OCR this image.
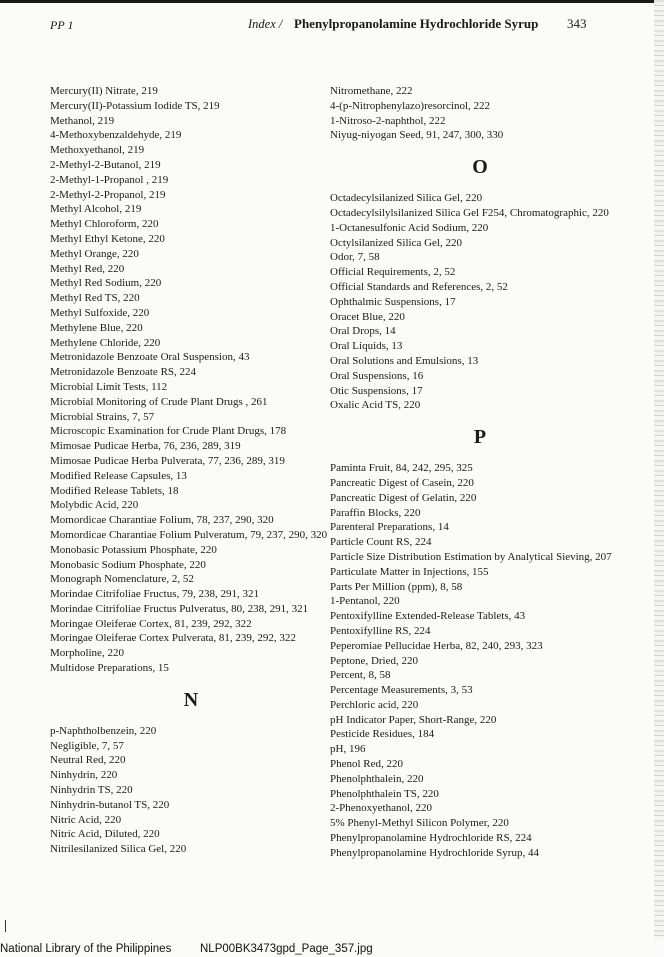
PP 1	Index / Phenylpropanolamine Hydrochloride Syrup 343
Mercury(II) Nitrate, 219
Mercury(II)-Potassium Iodide TS, 219
Methanol, 219
4-Methoxybenzaldehyde, 219
Methoxyethanol, 219
2-Methyl-2-Butanol, 219
2-Methyl-1-Propanol , 219
2-Methyl-2-Propanol, 219
Methyl Alcohol, 219
Methyl Chloroform, 220
Methyl Ethyl Ketone, 220
Methyl Orange, 220
Methyl Red, 220
Methyl Red Sodium, 220
Methyl Red TS, 220
Methyl Sulfoxide, 220
Methylene Blue, 220
Methylene Chloride, 220
Metronidazole Benzoate Oral Suspension, 43
Metronidazole Benzoate RS, 224
Microbial Limit Tests, 112
Microbial Monitoring of Crude Plant Drugs , 261
Microbial Strains, 7, 57
Microscopic Examination for Crude Plant Drugs, 178
Mimosae Pudicae Herba, 76, 236, 289, 319
Mimosae Pudicae Herba Pulverata, 77, 236, 289, 319
Modified Release Capsules, 13
Modified Release Tablets, 18
Molybdic Acid, 220
Momordicae Charantiae Folium, 78, 237, 290, 320
Momordicae Charantiae Folium Pulveratum, 79, 237, 290, 320
Monobasic Potassium Phosphate, 220
Monobasic Sodium Phosphate, 220
Monograph Nomenclature, 2, 52
Morindae Citrifoliae Fructus, 79, 238, 291, 321
Morindae Citrifoliae Fructus Pulveratus, 80, 238, 291, 321
Moringae Oleiferae Cortex, 81, 239, 292, 322
Moringae Oleiferae Cortex Pulverata, 81, 239, 292, 322
Morpholine, 220
Multidose Preparations, 15
N
p-Naphtholbenzein, 220
Negligible, 7, 57
Neutral Red, 220
Ninhydrin, 220
Ninhydrin TS, 220
Ninhydrin-butanol TS, 220
Nitric Acid, 220
Nitric Acid, Diluted, 220
Nitrilesilanized Silica Gel, 220
Nitromethane, 222
4-(p-Nitrophenylazo)resorcinol, 222
1-Nitroso-2-naphthol, 222
Niyug-niyogan Seed, 91, 247, 300, 330
O
Octadecylsilanized Silica Gel, 220
Octadecylsilylsilanized Silica Gel F254, Chromatographic, 220
1-Octanesulfonic Acid Sodium, 220
Octylsilanized Silica Gel, 220
Odor, 7, 58
Official Requirements, 2, 52
Official Standards and References, 2, 52
Ophthalmic Suspensions, 17
Oracet Blue, 220
Oral Drops, 14
Oral Liquids, 13
Oral Solutions and Emulsions, 13
Oral Suspensions, 16
Otic Suspensions, 17
Oxalic Acid TS, 220
P
Paminta Fruit, 84, 242, 295, 325
Pancreatic Digest of Casein, 220
Pancreatic Digest of Gelatin, 220
Paraffin Blocks, 220
Parenteral Preparations, 14
Particle Count RS, 224
Particle Size Distribution Estimation by Analytical Sieving, 207
Particulate Matter in Injections, 155
Parts Per Million (ppm), 8, 58
1-Pentanol, 220
Pentoxifylline Extended-Release Tablets, 43
Pentoxifylline RS, 224
Peperomiae Pellucidae Herba, 82, 240, 293, 323
Peptone, Dried, 220
Percent, 8, 58
Percentage Measurements, 3, 53
Perchloric acid, 220
pH Indicator Paper, Short-Range, 220
Pesticide Residues, 184
pH, 196
Phenol Red, 220
Phenolphthalein, 220
Phenolphthalein TS, 220
2-Phenoxyethanol, 220
5% Phenyl-Methyl Silicon Polymer, 220
Phenylpropanolamine Hydrochloride RS, 224
Phenylpropanolamine Hydrochloride Syrup, 44
National Library of the Philippines NLP00BK3473gpd_Page_357.jpg
